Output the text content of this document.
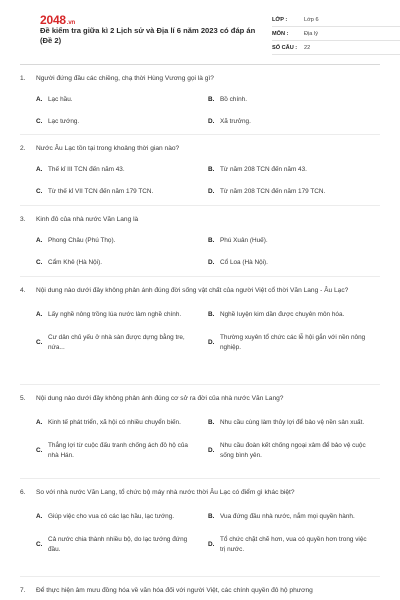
2048.vn
Đề kiểm tra giữa kì 2 Lịch sử và Địa lí 6 năm 2023 có đáp án (Đề 2)
LỚP :	Lớp 6
MÔN :	Địa lý
SỐ CÂU :	22
1.	Người đứng đầu các chiềng, chạ thời Hùng Vương gọi là gì?
A. Lạc hầu.	B. Bồ chính.
C. Lạc tướng.	D. Xã trưởng.
2.	Nước Âu Lạc tồn tại trong khoảng thời gian nào?
A. Thế kỉ III TCN đến năm 43.	B. Từ năm 208 TCN đến năm 43.
C. Từ thế kỉ VII TCN đến năm 179 TCN.	D. Từ năm 208 TCN đến năm 179 TCN.
3.	Kinh đô của nhà nước Văn Lang là
A. Phong Châu (Phú Thọ).	B. Phú Xuân (Huế).
C. Cẩm Khê (Hà Nội).	D. Cổ Loa (Hà Nội).
4.	Nội dung nào dưới đây không phản ánh đúng đời sống vật chất của người Việt cổ thời Văn Lang - Âu Lạc?
A. Lấy nghề nông trồng lúa nước làm nghề chính.	B. Nghề luyện kim dần được chuyên môn hóa.
C.
Cư dân chủ yếu ở nhà sàn được dựng bằng tre, nứa...
D.
Thường xuyên tổ chức các lễ hội gắn với nền nông nghiệp.
5.	Nội dung nào dưới đây không phản ánh đúng cơ sở ra đời của nhà nước Văn Lang?
A. Kinh tế phát triển, xã hội có nhiều chuyển biến.	B. Nhu cầu cùng làm thủy lợi để bảo vệ nền sản xuất.
C.
Thắng lợi từ cuộc đấu tranh chống ách đô hộ của nhà Hán.
D.
Nhu cầu đoàn kết chống ngoại xâm để bảo vệ cuộc sống bình yên.
6.	So với nhà nước Văn Lang, tổ chức bộ máy nhà nước thời Âu Lạc có điểm gì khác biệt?
A. Giúp việc cho vua có các lạc hầu, lạc tướng.	B. Vua đứng đầu nhà nước, nắm mọi quyền hành.
C.
Cả nước chia thành nhiều bộ, do lạc tướng đứng đầu.
D.
Tổ chức chặt chẽ hơn, vua có quyền hơn trong việc trị nước.
7.	Để thực hiện âm mưu đồng hóa về văn hóa đối với người Việt, các chính quyền đô hộ phương
